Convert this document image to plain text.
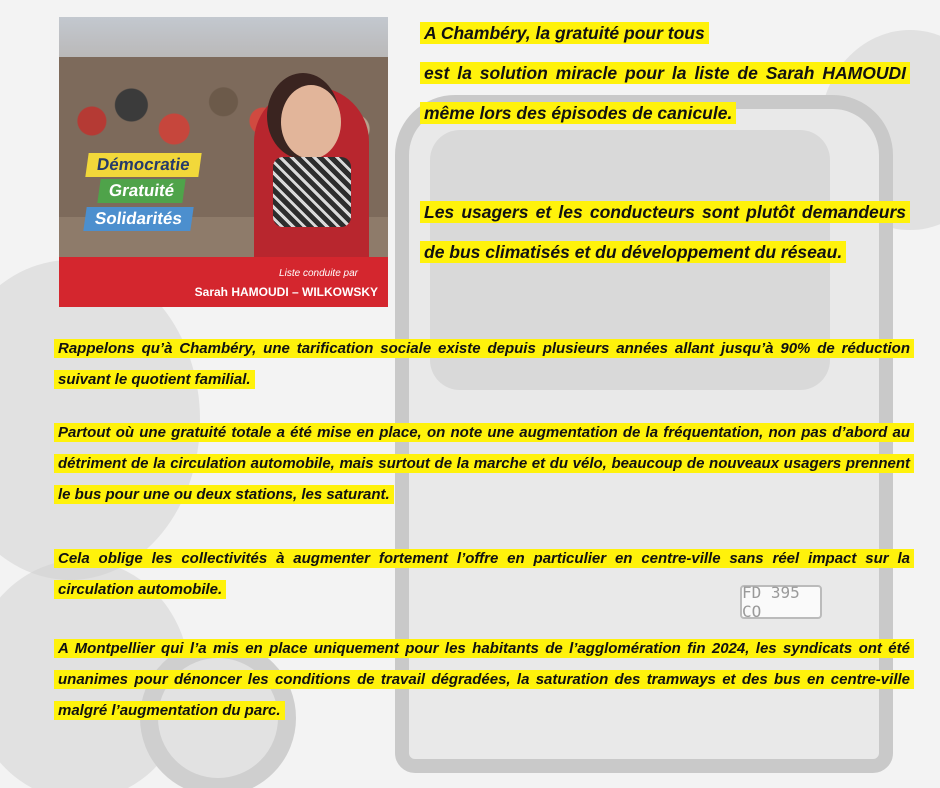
FD 395 CO
Démocratie
Gratuité
Solidarités
Liste conduite par
Sarah HAMOUDI – WILKOWSKY

A Chambéry, la gratuité pour tous

est la solution miracle pour la liste de Sarah HAMOUDI même lors des épisodes de canicule.

Les usagers et les conducteurs sont plutôt demandeurs de bus climatisés et du développement du réseau.

Rappelons qu’à Chambéry, une tarification sociale existe depuis plusieurs années allant jusqu’à 90% de réduction suivant le quotient familial.

Partout où une gratuité totale a été mise en place, on note une augmentation de la fréquentation, non pas d’abord au détriment de la circulation automobile, mais surtout de la marche et du vélo, beaucoup de nouveaux usagers prennent le bus pour une ou deux stations, les saturant.

Cela oblige les collectivités à augmenter fortement l’offre en particulier en centre-ville sans réel impact sur la circulation automobile.

A Montpellier qui l’a mis en place uniquement pour les habitants de l’agglomération fin 2024, les syndicats ont été unanimes pour dénoncer les conditions de travail dégradées, la saturation des tramways et des bus en centre-ville malgré l’augmentation du parc.
